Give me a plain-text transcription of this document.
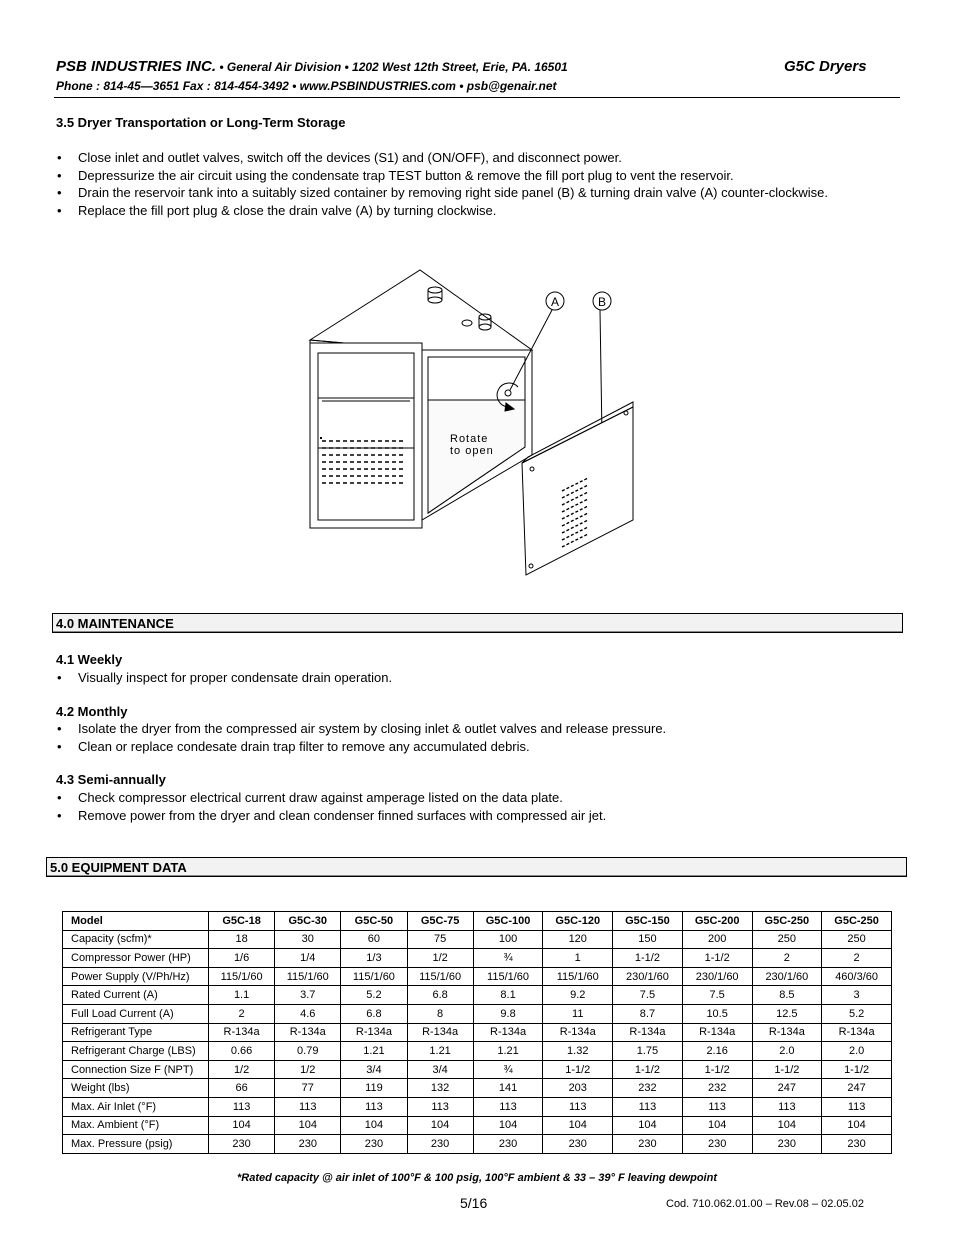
PSB INDUSTRIES INC. • General Air Division • 1202 West 12th Street, Erie, PA. 16501	G5C Dryers
Phone : 814-45—3651 Fax : 814-454-3492 • www.PSBINDUSTRIES.com • psb@genair.net
3.5 Dryer Transportation or Long-Term Storage
• Close inlet and outlet valves, switch off the devices (S1) and (ON/OFF), and disconnect power.
• Depressurize the air circuit using the condensate trap TEST button & remove the fill port plug to vent the reservoir.
• Drain the reservoir tank into a suitably sized container by removing right side panel (B) & turning drain valve (A) counter-clockwise.
• Replace the fill port plug & close the drain valve (A) by turning clockwise.
A	B
Rotate
to open
4.0 MAINTENANCE
4.1 Weekly
• Visually inspect for proper condensate drain operation.
4.2 Monthly
• Isolate the dryer from the compressed air system by closing inlet & outlet valves and release pressure.
• Clean or replace condesate drain trap filter to remove any accumulated debris.
4.3 Semi-annually
• Check compressor electrical current draw against amperage listed on the data plate.
• Remove power from the dryer and clean condenser finned surfaces with compressed air jet.
5.0 EQUIPMENT DATA
Model	G5C-18	G5C-30	G5C-50	G5C-75	G5C-100	G5C-120	G5C-150	G5C-200	G5C-250	G5C-250
Capacity (scfm)*	18	30	60	75	100	120	150	200	250	250
Compressor Power (HP)	1/6	1/4	1/3	1/2	¾	1	1-1/2	1-1/2	2	2
Power Supply (V/Ph/Hz)	115/1/60	115/1/60	115/1/60	115/1/60	115/1/60	115/1/60	230/1/60	230/1/60	230/1/60	460/3/60
Rated Current (A)	1.1	3.7	5.2	6.8	8.1	9.2	7.5	7.5	8.5	3
Full Load Current (A)	2	4.6	6.8	8	9.8	11	8.7	10.5	12.5	5.2
Refrigerant Type	R-134a	R-134a	R-134a	R-134a	R-134a	R-134a	R-134a	R-134a	R-134a	R-134a
Refrigerant Charge (LBS)	0.66	0.79	1.21	1.21	1.21	1.32	1.75	2.16	2.0	2.0
Connection Size F (NPT)	1/2	1/2	3/4	3/4	¾	1-1/2	1-1/2	1-1/2	1-1/2	1-1/2
Weight (lbs)	66	77	119	132	141	203	232	232	247	247
Max. Air Inlet (°F)	113	113	113	113	113	113	113	113	113	113
Max. Ambient (°F)	104	104	104	104	104	104	104	104	104	104
Max. Pressure (psig)	230	230	230	230	230	230	230	230	230	230
*Rated capacity @ air inlet of 100°F & 100 psig, 100°F ambient & 33 – 39° F leaving dewpoint
5/16	Cod. 710.062.01.00 – Rev.08 – 02.05.02
